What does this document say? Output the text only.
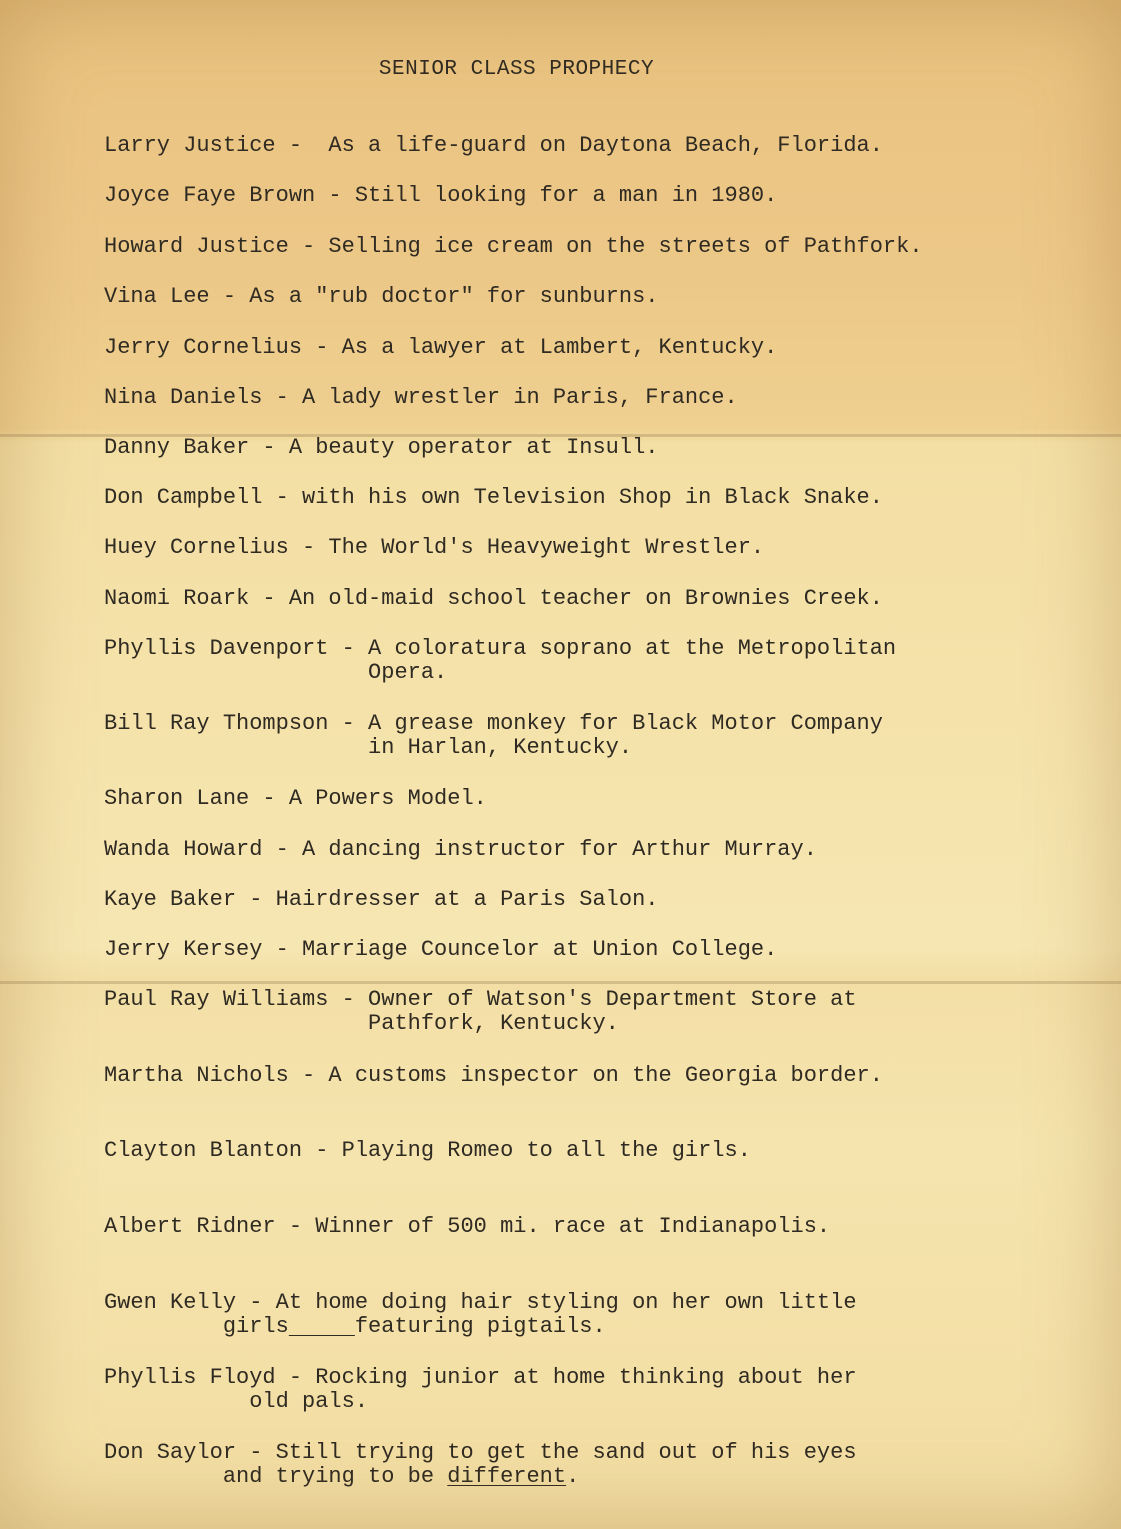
SENIOR CLASS PROPHECY
Larry Justice -  As a life-guard on Daytona Beach, Florida.
Joyce Faye Brown - Still looking for a man in 1980.
Howard Justice - Selling ice cream on the streets of Pathfork.
Vina Lee - As a "rub doctor" for sunburns.
Jerry Cornelius - As a lawyer at Lambert, Kentucky.
Nina Daniels - A lady wrestler in Paris, France.
Danny Baker - A beauty operator at Insull.
Don Campbell - with his own Television Shop in Black Snake.
Huey Cornelius - The World's Heavyweight Wrestler.
Naomi Roark - An old-maid school teacher on Brownies Creek.
Phyllis Davenport - A coloratura soprano at the Metropolitan
Opera.
Bill Ray Thompson - A grease monkey for Black Motor Company
in Harlan, Kentucky.
Sharon Lane - A Powers Model.
Wanda Howard - A dancing instructor for Arthur Murray.
Kaye Baker - Hairdresser at a Paris Salon.
Jerry Kersey - Marriage Councelor at Union College.
Paul Ray Williams - Owner of Watson's Department Store at
Pathfork, Kentucky.
Martha Nichols - A customs inspector on the Georgia border.
Clayton Blanton - Playing Romeo to all the girls.
Albert Ridner - Winner of 500 mi. race at Indianapolis.
Gwen Kelly - At home doing hair styling on her own little
girls	featuring pigtails.
Phyllis Floyd - Rocking junior at home thinking about her
old pals.
Don Saylor - Still trying to get the sand out of his eyes
and trying to be different.
